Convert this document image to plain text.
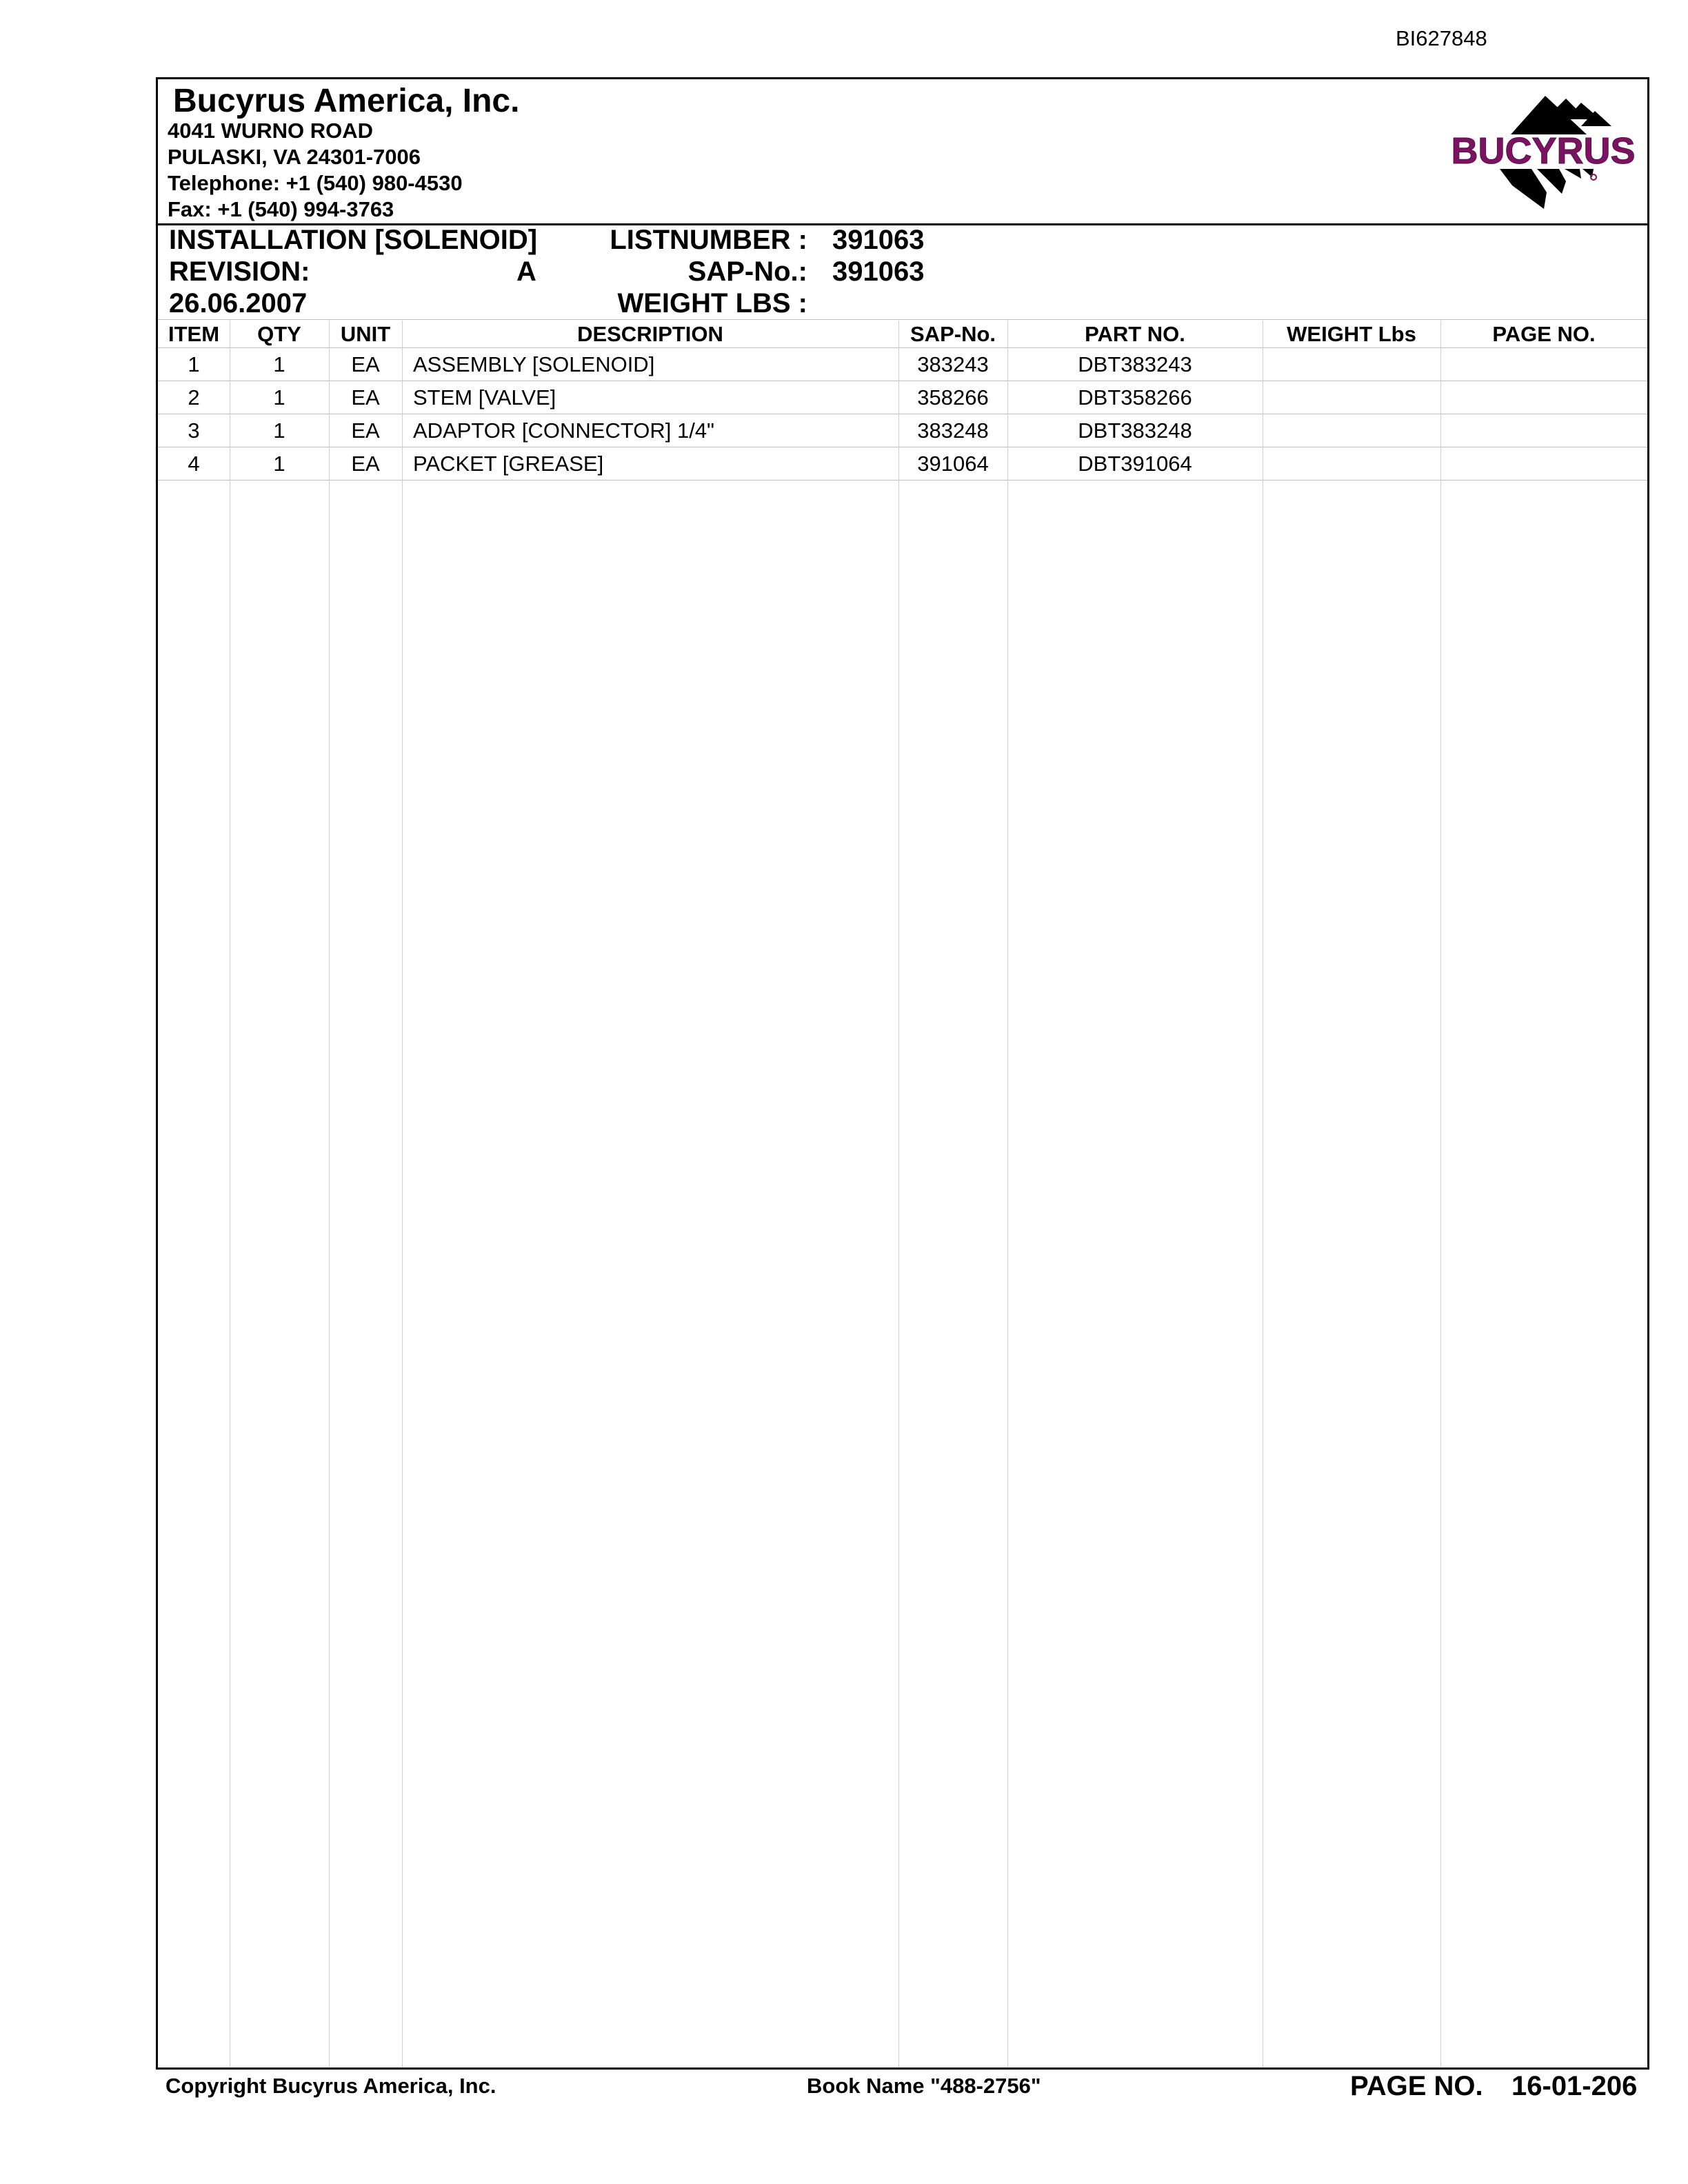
BI627848
Bucyrus America, Inc.
4041 WURNO ROAD
PULASKI, VA 24301-7006
Telephone: +1 (540) 980-4530
Fax: +1 (540) 994-3763
BUCYRUS
INSTALLATION [SOLENOID]
REVISION:	A
26.06.2007
LISTNUMBER : 391063
SAP-No.: 391063
WEIGHT LBS :
ITEM	QTY	UNIT	DESCRIPTION	SAP-No.	PART NO.	WEIGHT Lbs	PAGE NO.
1	1	EA	ASSEMBLY [SOLENOID]	383243	DBT383243
2	1	EA	STEM [VALVE]	358266	DBT358266
3	1	EA	ADAPTOR [CONNECTOR] 1/4"	383248	DBT383248
4	1	EA	PACKET [GREASE]	391064	DBT391064
Copyright Bucyrus America, Inc.	Book Name "488-2756"	PAGE NO. 16-01-206
